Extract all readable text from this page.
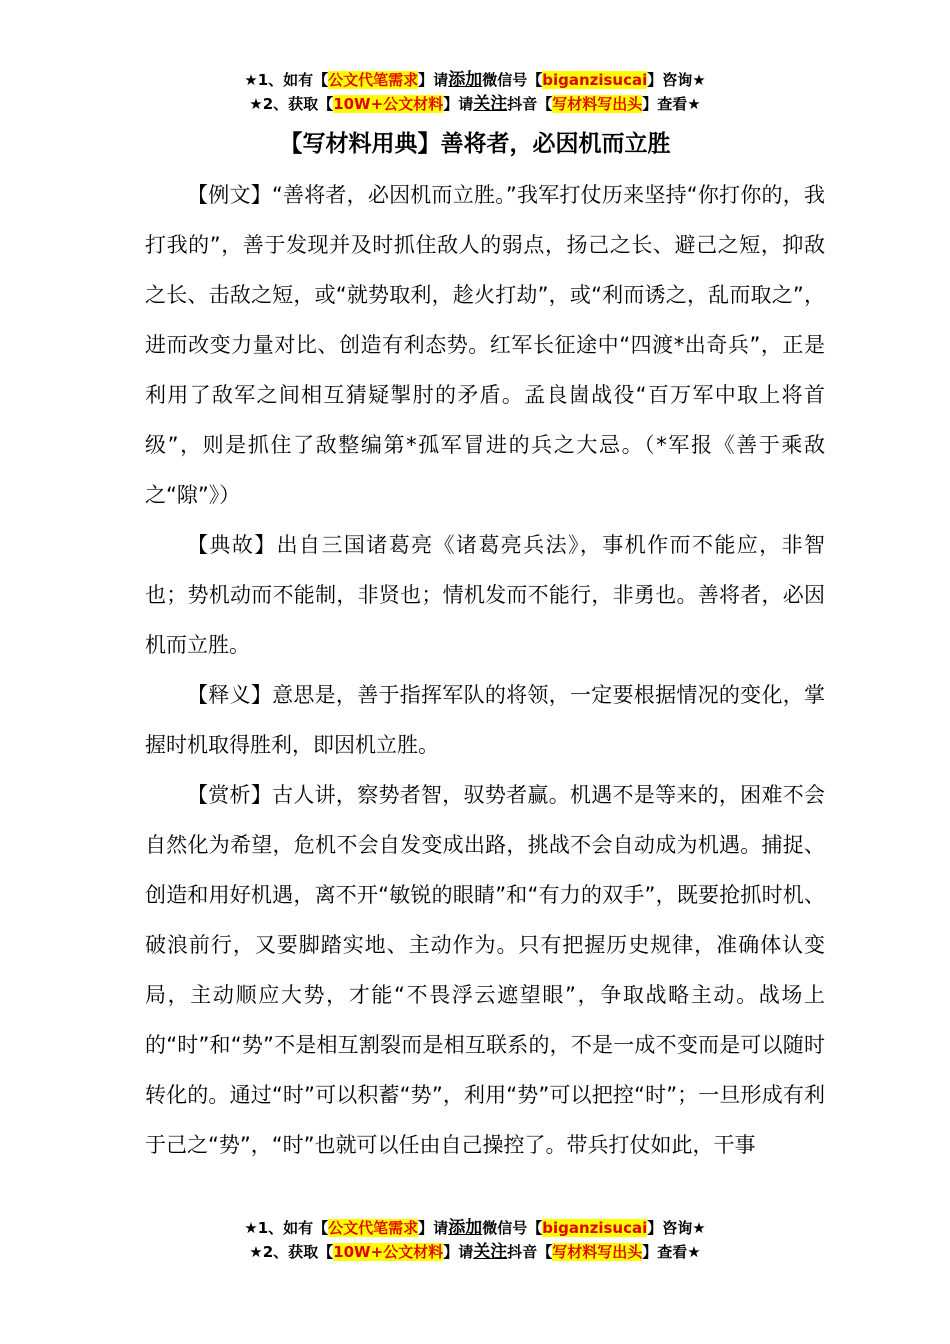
★1、如有【公文代笔需求】请添加微信号【biganzisucai】咨询★
★2、获取【10W+公文材料】请关注抖音【写材料写出头】查看★
【写材料用典】善将者，必因机而立胜

【例文】“善将者，必因机而立胜。”我军打仗历来坚持“你打你的，我打我的”，善于发现并及时抓住敌人的弱点，扬己之长、避己之短，抑敌之长、击敌之短，或“就势取利，趁火打劫”，或“利而诱之，乱而取之”，进而改变力量对比、创造有利态势。红军长征途中“四渡*出奇兵”，正是利用了敌军之间相互猜疑掣肘的矛盾。孟良崮战役“百万军中取上将首级”，则是抓住了敌整编第*孤军冒进的兵之大忌。（*军报《善于乘敌之“隙”》）

【典故】出自三国诸葛亮《诸葛亮兵法》，事机作而不能应，非智也；势机动而不能制，非贤也；情机发而不能行，非勇也。善将者，必因机而立胜。

【释义】意思是，善于指挥军队的将领，一定要根据情况的变化，掌握时机取得胜利，即因机立胜。

【赏析】古人讲，察势者智，驭势者赢。机遇不是等来的，困难不会自然化为希望，危机不会自发变成出路，挑战不会自动成为机遇。捕捉、创造和用好机遇，离不开“敏锐的眼睛”和“有力的双手”，既要抢抓时机、破浪前行，又要脚踏实地、主动作为。只有把握历史规律，准确体认变局，主动顺应大势，才能“不畏浮云遮望眼”，争取战略主动。战场上的“时”和“势”不是相互割裂而是相互联系的，不是一成不变而是可以随时转化的。通过“时”可以积蓄“势”，利用“势”可以把控“时”；一旦形成有利于己之“势”，“时”也就可以任由自己操控了。带兵打仗如此，干事

★1、如有【公文代笔需求】请添加微信号【biganzisucai】咨询★
★2、获取【10W+公文材料】请关注抖音【写材料写出头】查看★
